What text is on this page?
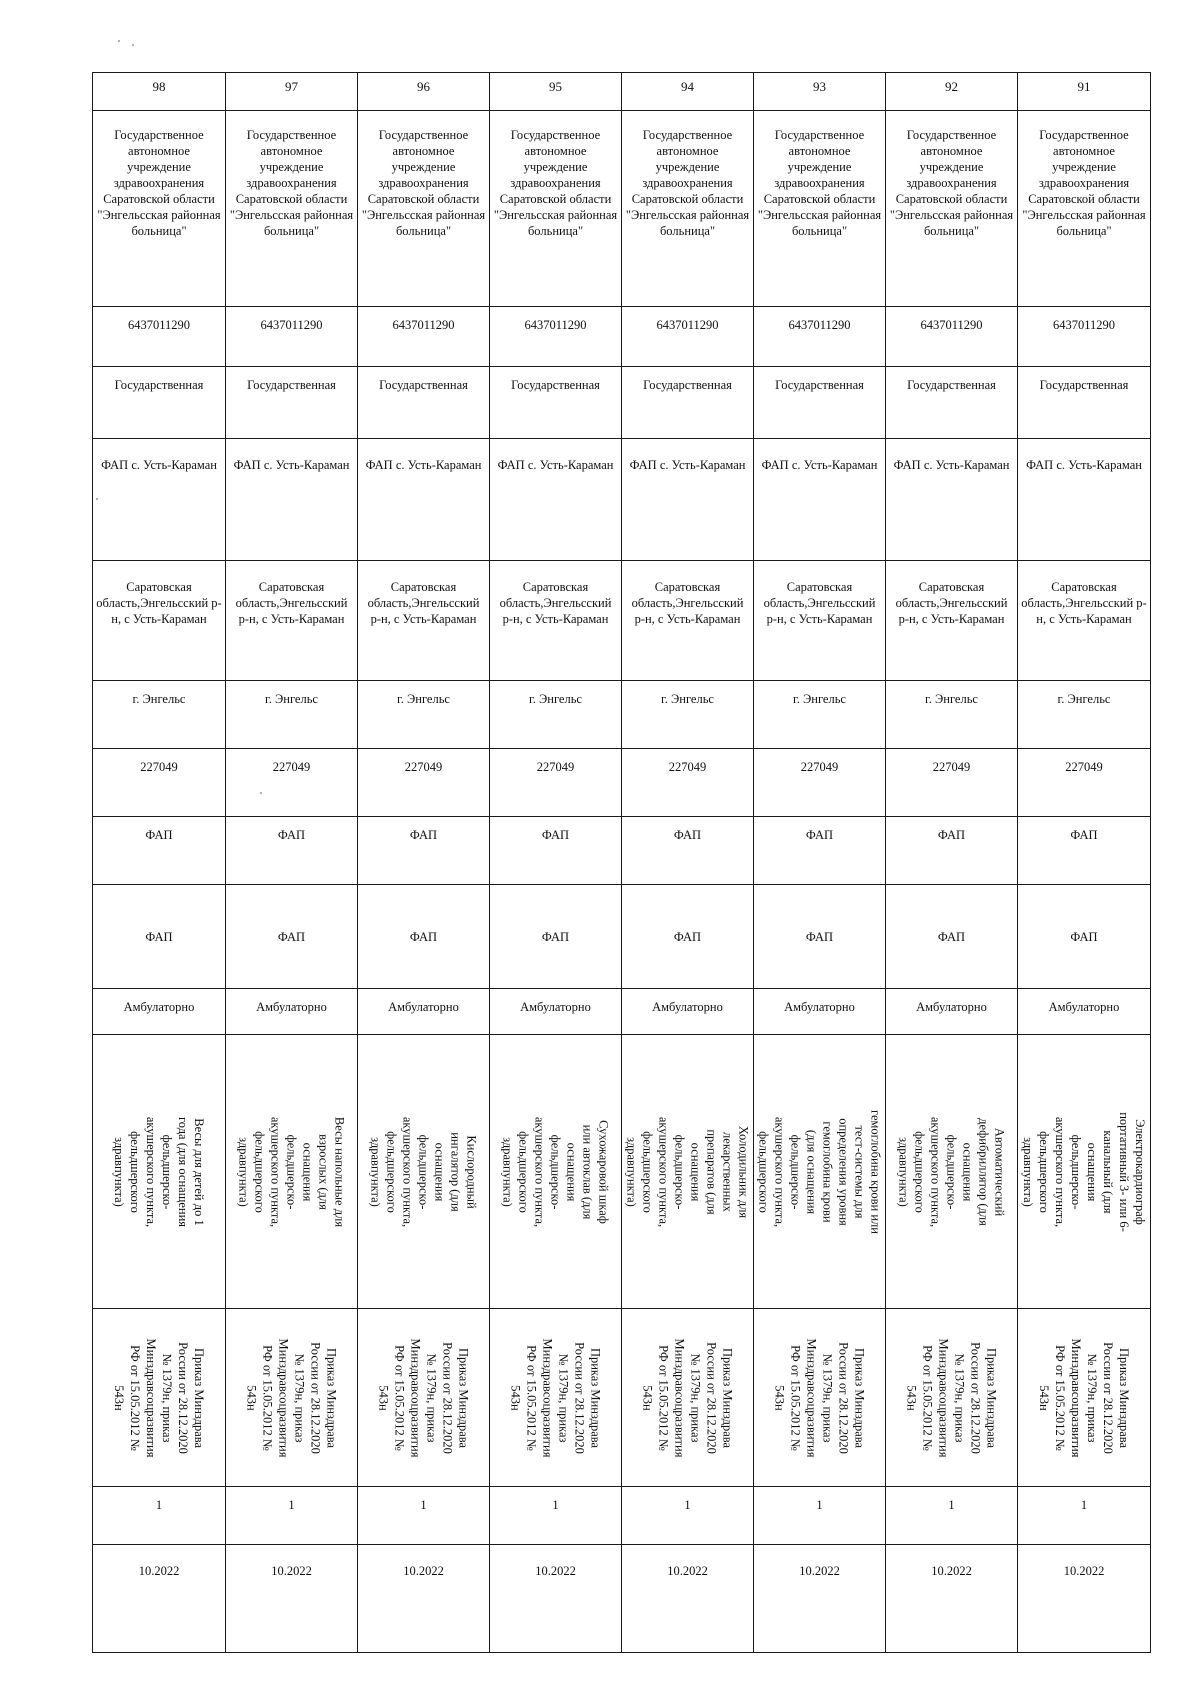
98	97	96	95	94	93	92	91
Государственное автономное учреждение здравоохранения Саратовской области "Энгельсская районная больница"	Государственное автономное учреждение здравоохранения Саратовской области "Энгельсская районная больница"	Государственное автономное учреждение здравоохранения Саратовской области "Энгельсская районная больница"	Государственное автономное учреждение здравоохранения Саратовской области "Энгельсская районная больница"	Государственное автономное учреждение здравоохранения Саратовской области "Энгельсская районная больница"	Государственное автономное учреждение здравоохранения Саратовской области "Энгельсская районная больница"	Государственное автономное учреждение здравоохранения Саратовской области "Энгельсская районная больница"	Государственное автономное учреждение здравоохранения Саратовской области "Энгельсская районная больница"
6437011290	6437011290	6437011290	6437011290	6437011290	6437011290	6437011290	6437011290
Государственная	Государственная	Государственная	Государственная	Государственная	Государственная	Государственная	Государственная
ФАП с. Усть-Караман	ФАП с. Усть-Караман	ФАП с. Усть-Караман	ФАП с. Усть-Караман	ФАП с. Усть-Караман	ФАП с. Усть-Караман	ФАП с. Усть-Караман	ФАП с. Усть-Караман
Саратовская область,Энгельсский р-н, с Усть-Караман	Саратовская область,Энгельсский р-н, с Усть-Караман	Саратовская область,Энгельсский р-н, с Усть-Караман	Саратовская область,Энгельсский р-н, с Усть-Караман	Саратовская область,Энгельсский р-н, с Усть-Караман	Саратовская область,Энгельсский р-н, с Усть-Караман	Саратовская область,Энгельсский р-н, с Усть-Караман	Саратовская область,Энгельсский р-н, с Усть-Караман
г. Энгельс	г. Энгельс	г. Энгельс	г. Энгельс	г. Энгельс	г. Энгельс	г. Энгельс	г. Энгельс
227049	227049	227049	227049	227049	227049	227049	227049
ФАП	ФАП	ФАП	ФАП	ФАП	ФАП	ФАП	ФАП
ФАП	ФАП	ФАП	ФАП	ФАП	ФАП	ФАП	ФАП
Амбулаторно	Амбулаторно	Амбулаторно	Амбулаторно	Амбулаторно	Амбулаторно	Амбулаторно	Амбулаторно

Весы для детей до 1 года (для оснащения фельдшерско-акушерского пункта, фельдшерского здравпункта)	Весы напольные для взрослых (для оснащения фельдшерско-акушерского пункта, фельдшерского здравпункта)	Кислородный ингалятор (для оснащения фельдшерско-акушерского пункта, фельдшерского здравпункта)	Сухожаровой шкаф или автоклав (для оснащения фельдшерско-акушерского пункта, фельдшерского здравпункта)	Холодильник для лекарственных препаратов (для оснащения фельдшерско-акушерского пункта, фельдшерского здравпункта)	гемоглобина крови или тест-системы для определения уровня гемоглобина крови (для оснащения фельдшерско-акушерского пункта, фельдшерского	Автоматический дефибриллятор (для оснащения фельдшерско-акушерского пункта, фельдшерского здравпункта)	Электрокардиограф портативный 3- или 6-канальный (для оснащения фельдшерско-акушерского пункта, фельдшерского здравпункта)

Приказ Минздрава России от 28.12.2020 № 1379н, приказ Минздравсоцразвития РФ от 15.05.2012 № 543н	Приказ Минздрава России от 28.12.2020 № 1379н, приказ Минздравсоцразвития РФ от 15.05.2012 № 543н	Приказ Минздрава России от 28.12.2020 № 1379н, приказ Минздравсоцразвития РФ от 15.05.2012 № 543н	Приказ Минздрава России от 28.12.2020 № 1379н, приказ Минздравсоцразвития РФ от 15.05.2012 № 543н	Приказ Минздрава России от 28.12.2020 № 1379н, приказ Минздравсоцразвития РФ от 15.05.2012 № 543н	Приказ Минздрава России от 28.12.2020 № 1379н, приказ Минздравсоцразвития РФ от 15.05.2012 № 543н	Приказ Минздрава России от 28.12.2020 № 1379н, приказ Минздравсоцразвития РФ от 15.05.2012 № 543н	Приказ Минздрава России от 28.12.2020 № 1379н, приказ Минздравсоцразвития РФ от 15.05.2012 № 543н

1	1	1	1	1	1	1	1
10.2022	10.2022	10.2022	10.2022	10.2022	10.2022	10.2022	10.2022
